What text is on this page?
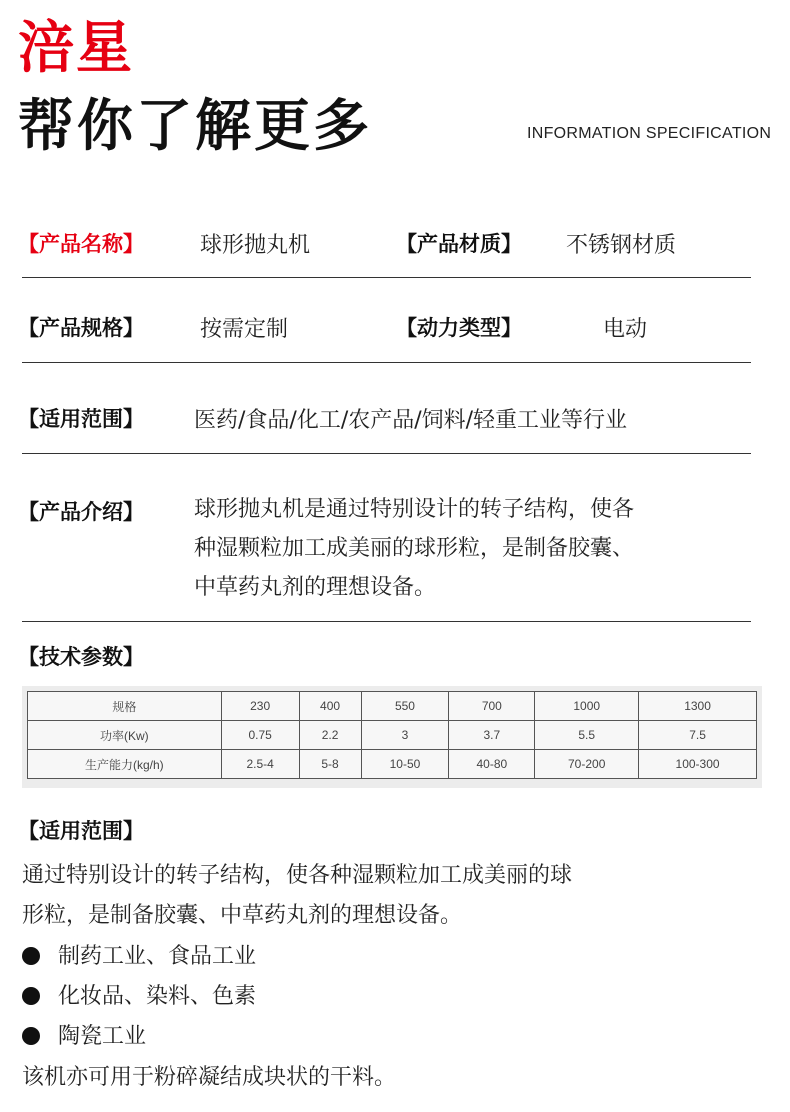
涪星
帮你了解更多	INFORMATION SPECIFICATION
【产品名称】	球形抛丸机	【产品材质】 不锈钢材质
【产品规格】	按需定制	【动力类型】	电动
【适用范围】 医药/食品/化工/农产品/饲料/轻重工业等行业
【产品介绍】 球形抛丸机是通过特别设计的转子结构，使各
种湿颗粒加工成美丽的球形粒，是制备胶囊、
中草药丸剂的理想设备。
【技术参数】
规格	230	400	550	700	1000	1300
功率(Kw)	0.75	2.2	3	3.7	5.5	7.5
生产能力(kg/h)	2.5-4	5-8	10-50	40-80	70-200	100-300
【适用范围】
通过特别设计的转子结构，使各种湿颗粒加工成美丽的球
形粒，是制备胶囊、中草药丸剂的理想设备。
制药工业、食品工业
化妆品、染料、色素
陶瓷工业
该机亦可用于粉碎凝结成块状的干料。
